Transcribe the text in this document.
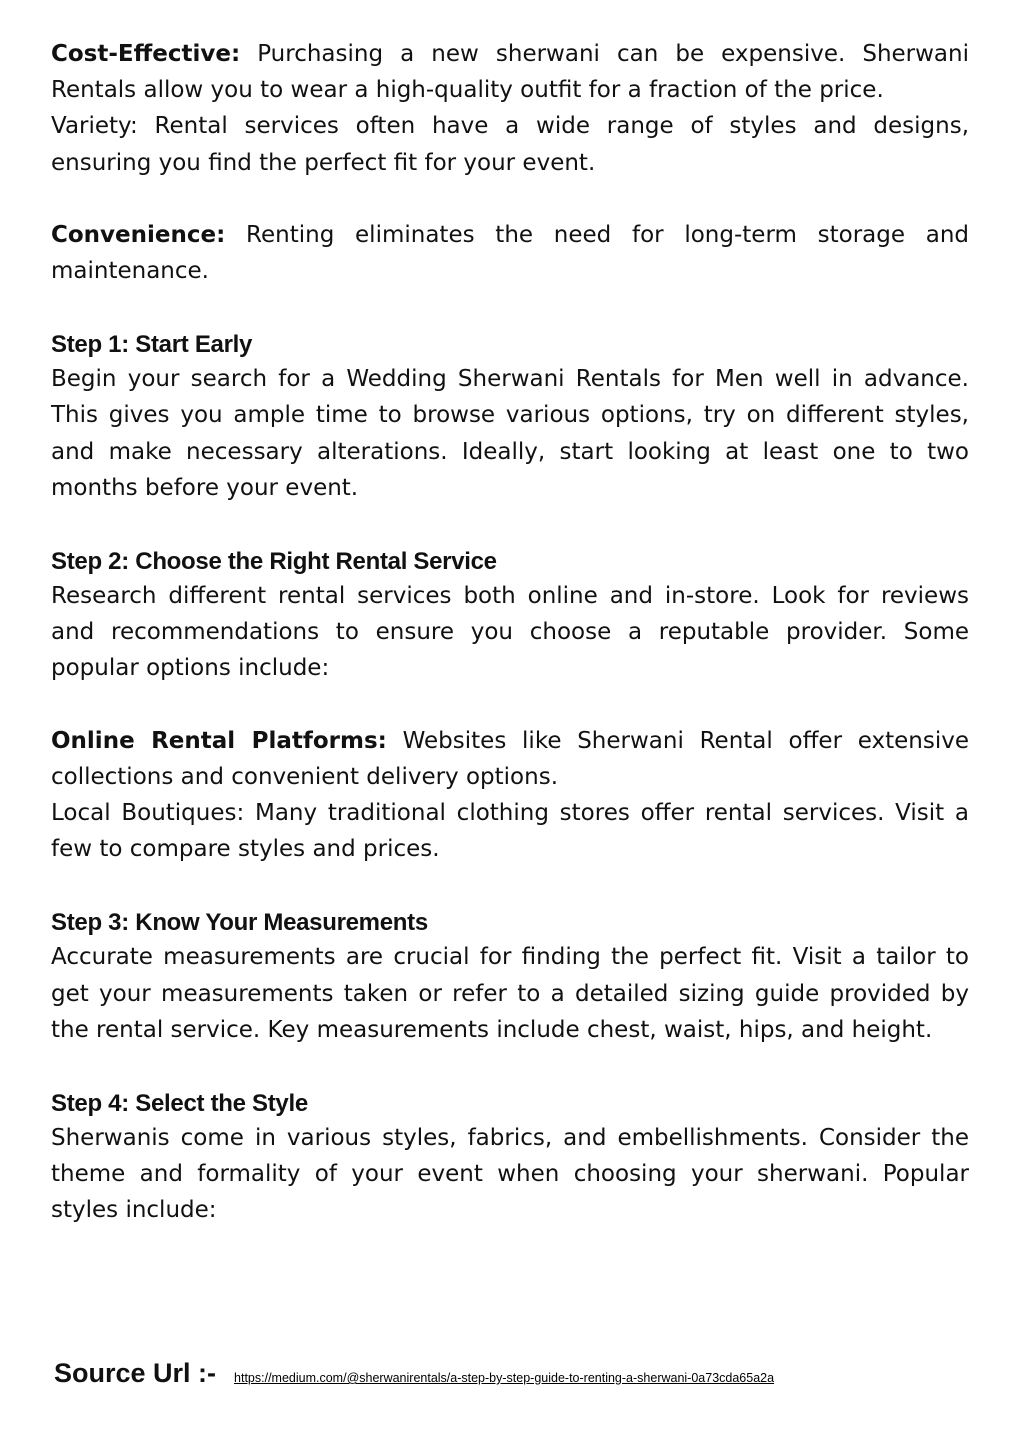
Cost-Effective: Purchasing a new sherwani can be expensive. Sherwani Rentals allow you to wear a high-quality outfit for a fraction of the price.

Variety: Rental services often have a wide range of styles and designs, ensuring you find the perfect fit for your event.

Convenience: Renting eliminates the need for long-term storage and maintenance.

Step 1: Start Early

Begin your search for a Wedding Sherwani Rentals for Men well in advance. This gives you ample time to browse various options, try on different styles, and make necessary alterations. Ideally, start looking at least one to two months before your event.

Step 2: Choose the Right Rental Service

Research different rental services both online and in-store. Look for reviews and recommendations to ensure you choose a reputable provider. Some popular options include:

Online Rental Platforms: Websites like Sherwani Rental offer extensive collections and convenient delivery options.

Local Boutiques: Many traditional clothing stores offer rental services. Visit a few to compare styles and prices.

Step 3: Know Your Measurements

Accurate measurements are crucial for finding the perfect fit. Visit a tailor to get your measurements taken or refer to a detailed sizing guide provided by the rental service. Key measurements include chest, waist, hips, and height.

Step 4: Select the Style

Sherwanis come in various styles, fabrics, and embellishments. Consider the theme and formality of your event when choosing your sherwani. Popular styles include:

Source Url :- https://medium.com/@sherwanirentals/a-step-by-step-guide-to-renting-a-sherwani-0a73cda65a2a
